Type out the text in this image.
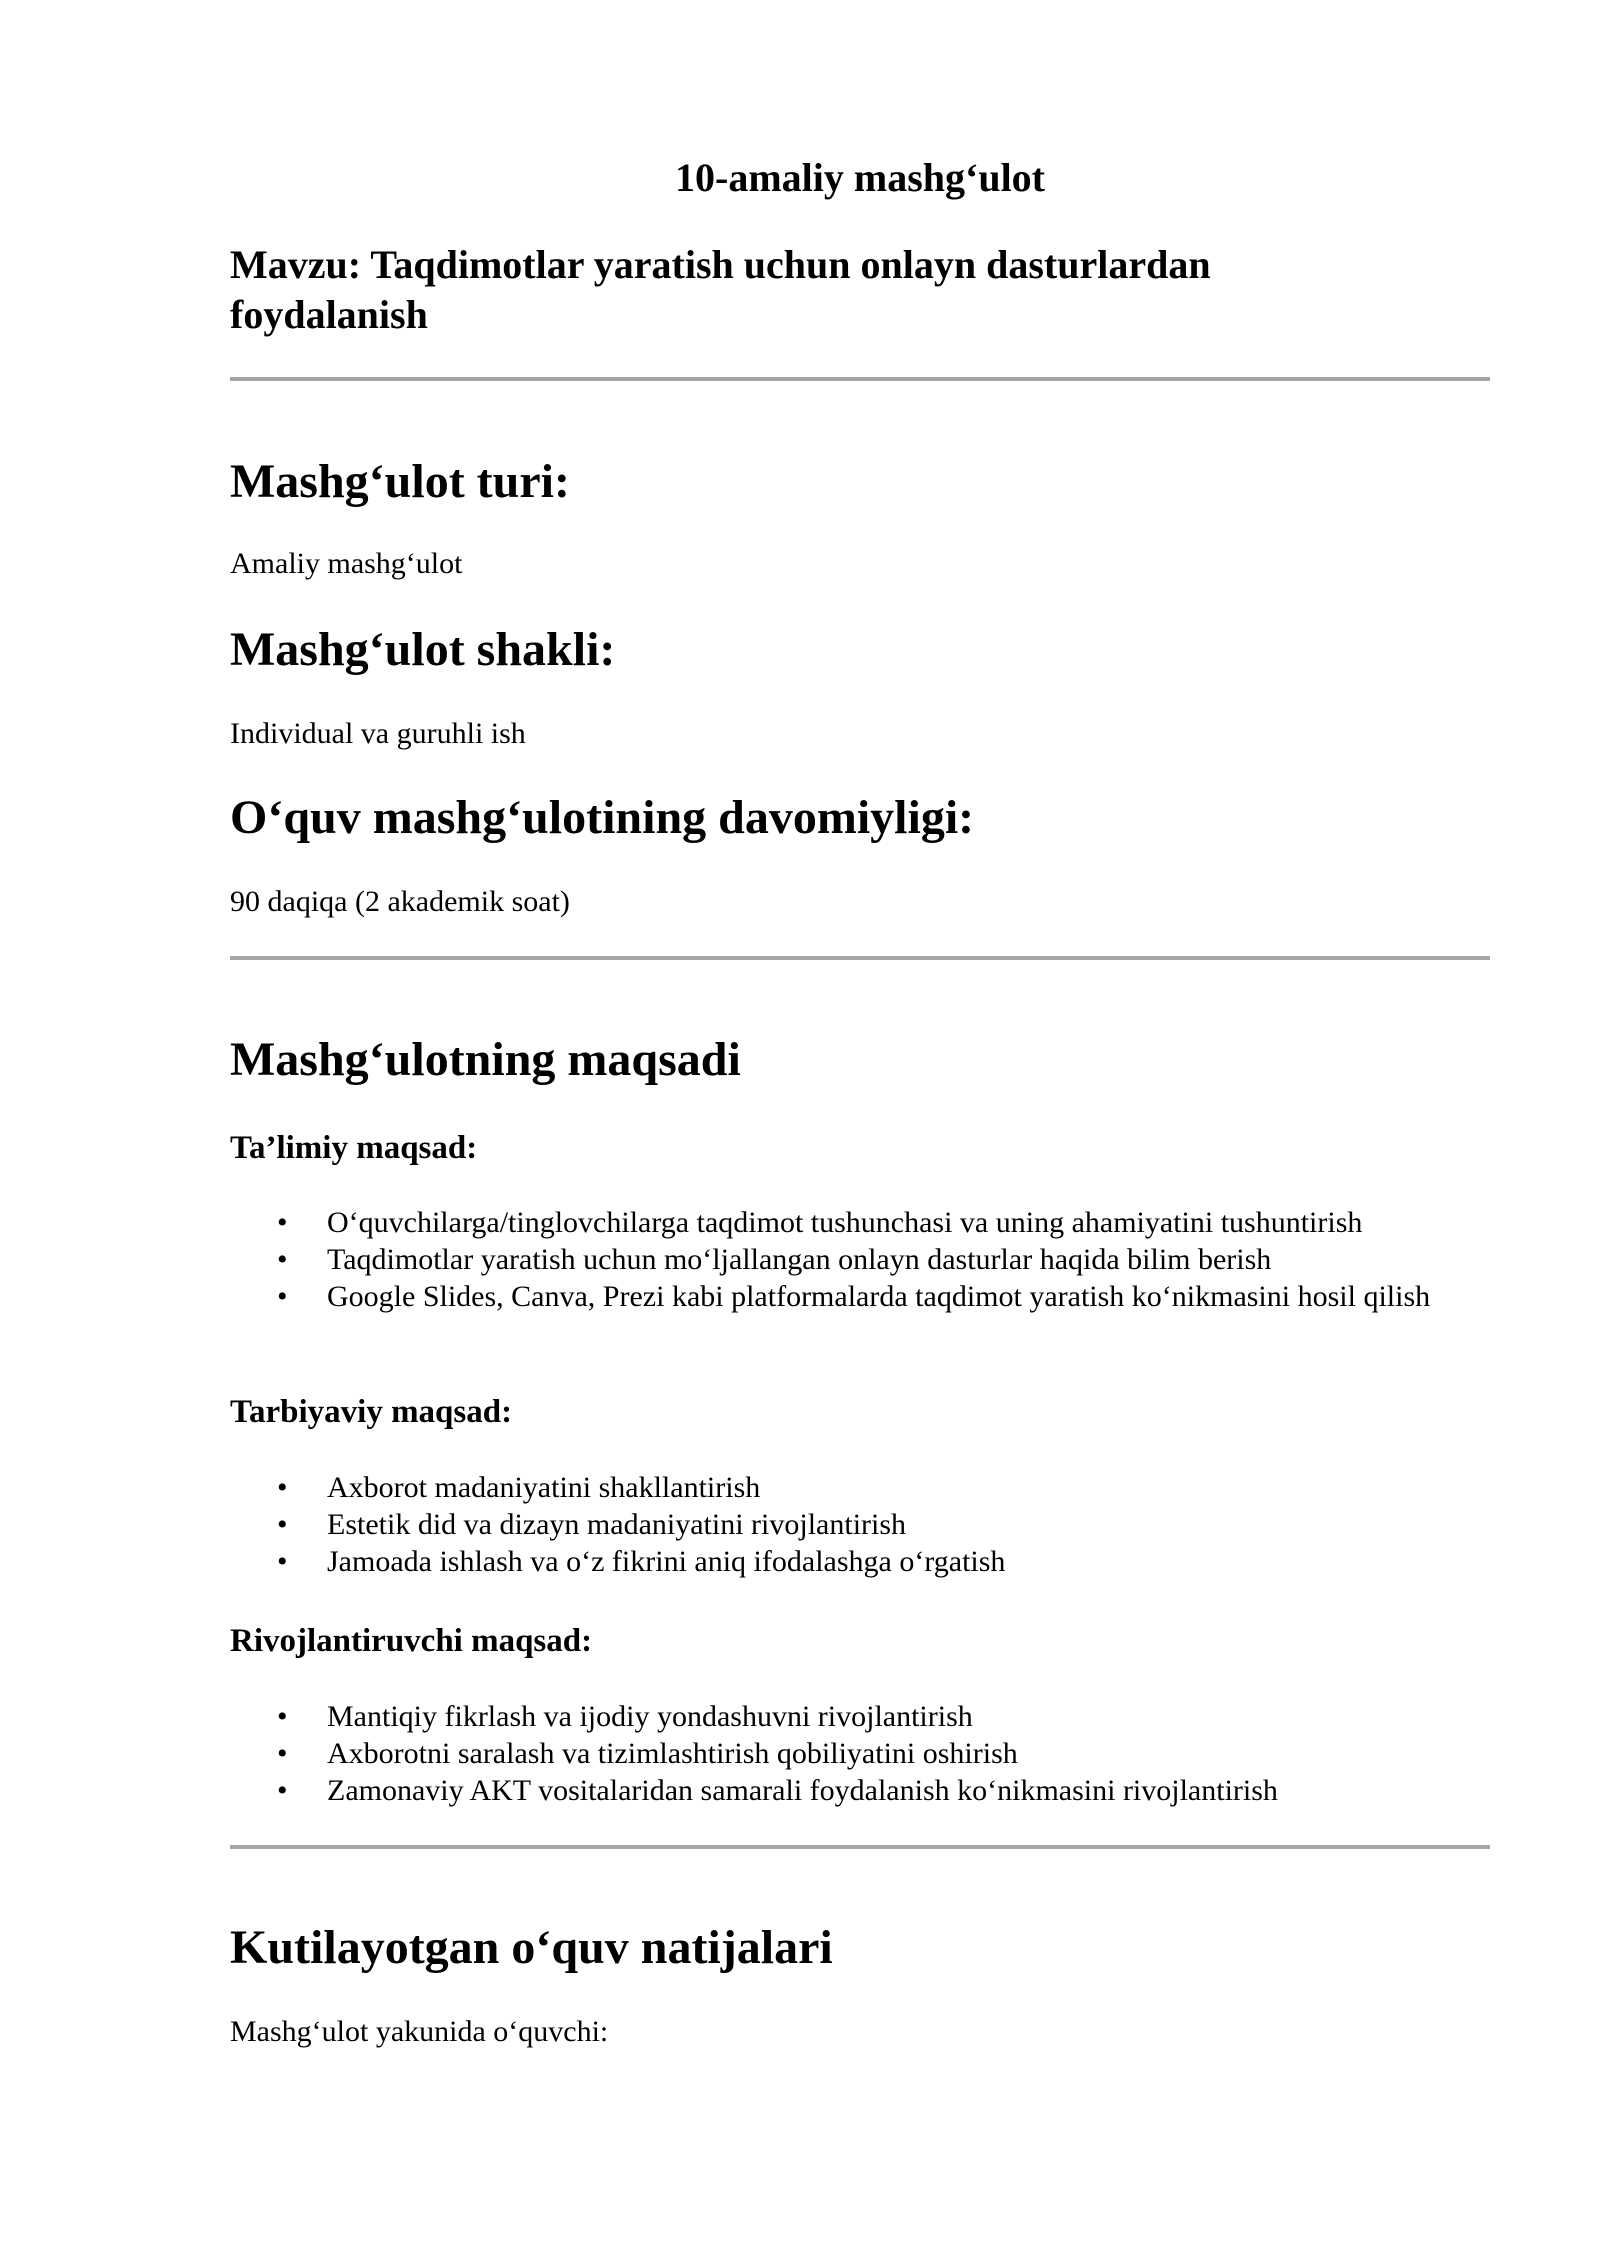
10-amaliy mashg‘ulot

Mavzu: Taqdimotlar yaratish uchun onlayn dasturlardan foydalanish

Mashg‘ulot turi:

Amaliy mashg‘ulot

Mashg‘ulot shakli:

Individual va guruhli ish

O‘quv mashg‘ulotining davomiyligi:

90 daqiqa (2 akademik soat)

Mashg‘ulotning maqsadi
Ta’limiy maqsad:
• O‘quvchilarga/tinglovchilarga taqdimot tushunchasi va uning ahamiyatini tushuntirish
• Taqdimotlar yaratish uchun mo‘ljallangan onlayn dasturlar haqida bilim berish
• Google Slides, Canva, Prezi kabi platformalarda taqdimot yaratish ko‘nikmasini hosil qilish
Tarbiyaviy maqsad:
• Axborot madaniyatini shakllantirish
• Estetik did va dizayn madaniyatini rivojlantirish
• Jamoada ishlash va o‘z fikrini aniq ifodalashga o‘rgatish
Rivojlantiruvchi maqsad:
• Mantiqiy fikrlash va ijodiy yondashuvni rivojlantirish
• Axborotni saralash va tizimlashtirish qobiliyatini oshirish
• Zamonaviy AKT vositalaridan samarali foydalanish ko‘nikmasini rivojlantirish
Kutilayotgan o‘quv natijalari

Mashg‘ulot yakunida o‘quvchi:
